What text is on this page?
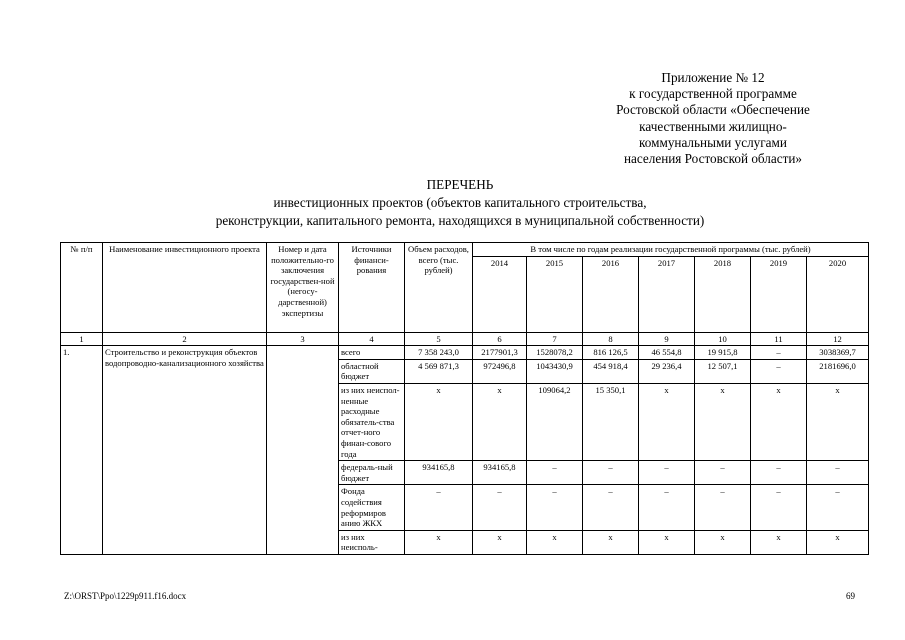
Приложение № 12
к государственной программе
Ростовской области «Обеспечение
качественными жилищно-
коммунальными услугами
населения Ростовской области»
ПЕРЕЧЕНЬ
инвестиционных проектов (объектов капитального строительства,
реконструкции, капитального ремонта, находящихся в муниципальной собственности)
№ п/п	Наименование инвестиционного проекта	Номер и дата положительно-го заключения государствен-ной (негосу-дарственной) экспертизы	Источники финанси-рования	Объем расходов, всего (тыс. рублей)	В том числе по годам реализации государственной программы (тыс. рублей)						
					2014	2015	2016	2017	2018	2019	2020
1	2	3	4	5	6	7	8	9	10	11	12
1.	Строительство и реконструкция объектов водопроводно-канализационного хозяйства		всего	7 358 243,0	2177901,3	1528078,2	816 126,5	46 554,8	19 915,8	–	3038369,7
			областной бюджет	4 569 871,3	972496,8	1043430,9	454 918,4	29 236,4	12 507,1	–	2181696,0
			из них неиспол-ненные расходные обязатель-ства отчет-ного финан-сового года	х	х	109064,2	15 350,1	х	х	х	х
			федераль-ный бюджет	934165,8	934165,8	–	–	–	–	–	–
			Фонда содействия реформиров анию ЖКХ	–	–	–	–	–	–	–	–
			из них неисполь-	х	х	х	х	х	х	х	х
Z:\ORST\Ppo\1229p911.f16.docx	69
